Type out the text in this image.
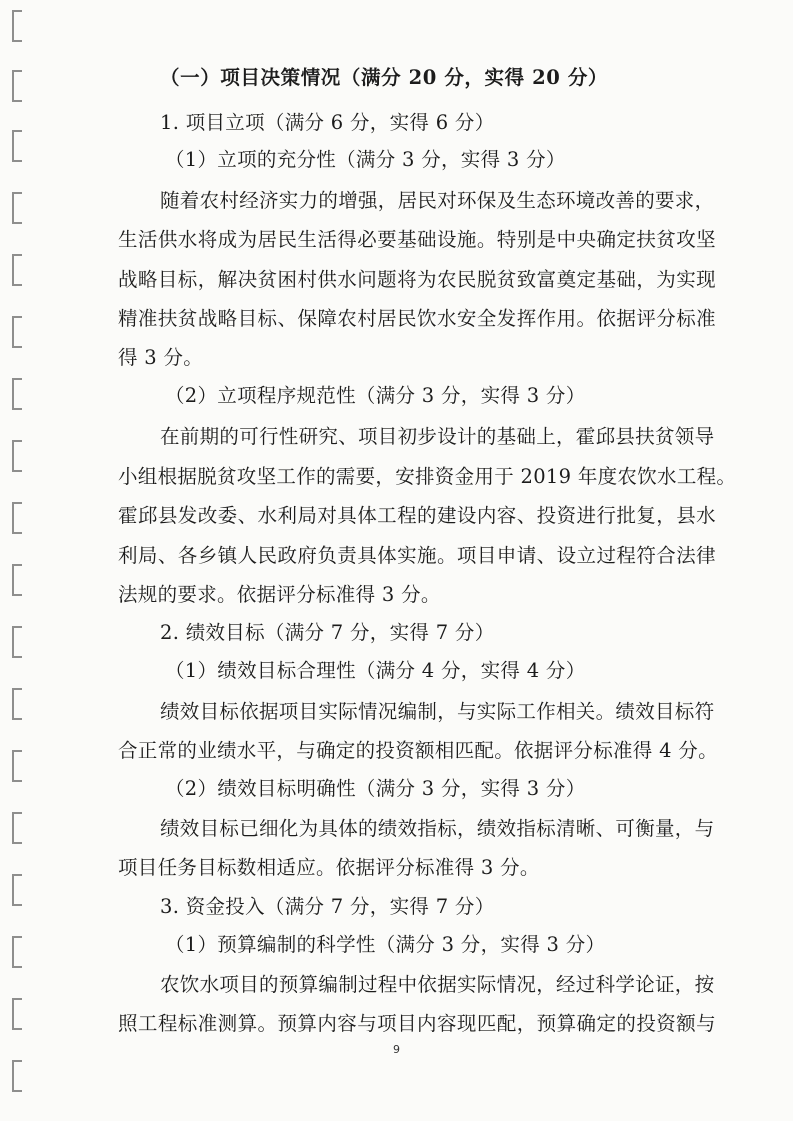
（一）项目决策情况（满分 20 分，实得 20 分）
1. 项目立项（满分 6 分，实得 6 分）
（1）立项的充分性（满分 3 分，实得 3 分）
随着农村经济实力的增强，居民对环保及生态环境改善的要求，
生活供水将成为居民生活得必要基础设施。特别是中央确定扶贫攻坚
战略目标，解决贫困村供水问题将为农民脱贫致富奠定基础，为实现
精准扶贫战略目标、保障农村居民饮水安全发挥作用。依据评分标准
得 3 分。
（2）立项程序规范性（满分 3 分，实得 3 分）
在前期的可行性研究、项目初步设计的基础上，霍邱县扶贫领导
小组根据脱贫攻坚工作的需要，安排资金用于 2019 年度农饮水工程。
霍邱县发改委、水利局对具体工程的建设内容、投资进行批复，县水
利局、各乡镇人民政府负责具体实施。项目申请、设立过程符合法律
法规的要求。依据评分标准得 3 分。
2. 绩效目标（满分 7 分，实得 7 分）
（1）绩效目标合理性（满分 4 分，实得 4 分）
绩效目标依据项目实际情况编制，与实际工作相关。绩效目标符
合正常的业绩水平，与确定的投资额相匹配。依据评分标准得 4 分。
（2）绩效目标明确性（满分 3 分，实得 3 分）
绩效目标已细化为具体的绩效指标，绩效指标清晰、可衡量，与
项目任务目标数相适应。依据评分标准得 3 分。
3. 资金投入（满分 7 分，实得 7 分）
（1）预算编制的科学性（满分 3 分，实得 3 分）
农饮水项目的预算编制过程中依据实际情况，经过科学论证，按
照工程标准测算。预算内容与项目内容现匹配，预算确定的投资额与
9
